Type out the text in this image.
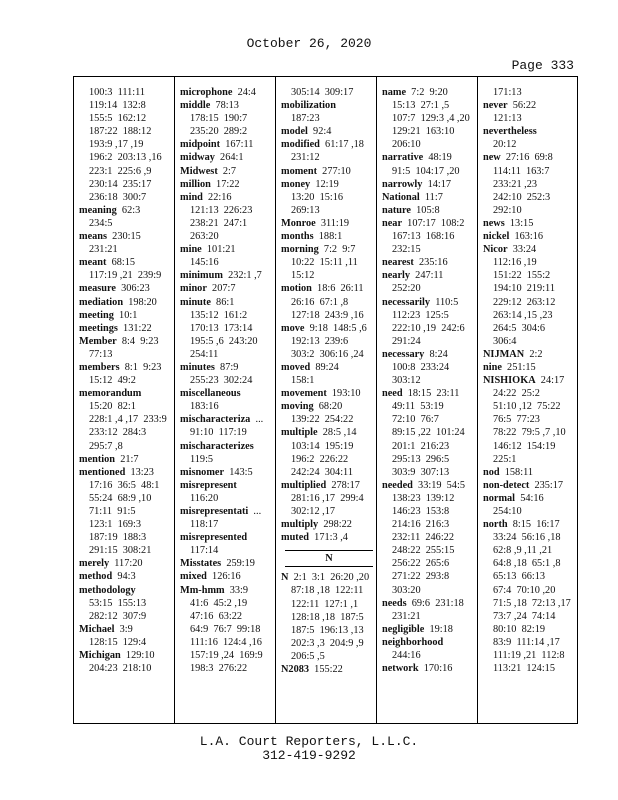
October 26, 2020
Page 333
100:3  111:11
119:14  132:8
155:5  162:12
187:22  188:12
193:9 ,17 ,19
196:2  203:13 ,16
223:1  225:6 ,9
230:14  235:17
236:18  300:7
meaning  62:3
234:5
means  230:15
231:21
meant  68:15
117:19 ,21  239:9
measure  306:23
mediation  198:20
meeting  10:1
meetings  131:22
Member  8:4  9:23
77:13
members  8:1  9:23
15:12  49:2
memorandum
15:20  82:1
228:1 ,4 ,17  233:9
233:12  284:3
295:7 ,8
mention  21:7
mentioned  13:23
17:16  36:5  48:1
55:24  68:9 ,10
71:11  91:5
123:1  169:3
187:19  188:3
291:15  308:21
merely  117:20
method  94:3
methodology
53:15  155:13
282:12  307:9
Michael  3:9
128:15  129:4
Michigan  129:10
204:23  218:10
microphone  24:4
middle  78:13
178:15  190:7
235:20  289:2
midpoint  167:11
midway  264:1
Midwest  2:7
million  17:22
mind  22:16
121:13  226:23
238:21  247:1
263:20
mine  101:21
145:16
minimum  232:1 ,7
minor  207:7
minute  86:1
135:12  161:2
170:13  173:14
195:5 ,6  243:20
254:11
minutes  87:9
255:23  302:24
miscellaneous
183:16
mischaracteriza  ...
91:10  117:19
mischaracterizes
119:5
misnomer  143:5
misrepresent
116:20
misrepresentati  ...
118:17
misrepresented
117:14
Misstates  259:19
mixed  126:16
Mm-hmm  33:9
41:6  45:2 ,19
47:16  63:22
64:9  76:7  99:18
111:16  124:4 ,16
157:19 ,24  169:9
198:3  276:22
305:14  309:17
mobilization
187:23
model  92:4
modified  61:17 ,18
231:12
moment  277:10
money  12:19
13:20  15:16
269:13
Monroe  311:19
months  188:1
morning  7:2  9:7
10:22  15:11 ,11
15:12
motion  18:6  26:11
26:16  67:1 ,8
127:18  243:9 ,16
move  9:18  148:5 ,6
192:13  239:6
303:2  306:16 ,24
moved  89:24
158:1
movement  193:10
moving  68:20
139:22  254:22
multiple  28:5 ,14
103:14  195:19
196:2  226:22
242:24  304:11
multiplied  278:17
281:16 ,17  299:4
302:12 ,17
multiply  298:22
muted  171:3 ,4
N
N  2:1  3:1  26:20 ,20
87:18 ,18  122:11
122:11  127:1 ,1
128:18 ,18  187:5
187:5  196:13 ,13
202:3 ,3  204:9 ,9
206:5 ,5
N2083  155:22
name  7:2  9:20
15:13  27:1 ,5
107:7  129:3 ,4 ,20
129:21  163:10
206:10
narrative  48:19
91:5  104:17 ,20
narrowly  14:17
National  11:7
nature  105:8
near  107:17  108:2
167:13  168:16
232:15
nearest  235:16
nearly  247:11
252:20
necessarily  110:5
112:23  125:5
222:10 ,19  242:6
291:24
necessary  8:24
100:8  233:24
303:12
need  18:15  23:11
49:11  53:19
72:10  76:7
89:15 ,22  101:24
201:1  216:23
295:13  296:5
303:9  307:13
needed  33:19  54:5
138:23  139:12
146:23  153:8
214:16  216:3
232:11  246:22
248:22  255:15
256:22  265:6
271:22  293:8
303:20
needs  69:6  231:18
231:21
negligible  19:18
neighborhood
244:16
network  170:16
171:13
never  56:22
121:13
nevertheless
20:12
new  27:16  69:8
114:11  163:7
233:21 ,23
242:10  252:3
292:10
news  13:15
nickel  163:16
Nicor  33:24
112:16 ,19
151:22  155:2
194:10  219:11
229:12  263:12
263:14 ,15 ,23
264:5  304:6
306:4
NIJMAN  2:2
nine  251:15
NISHIOKA  24:17
24:22  25:2
51:10 ,12  75:22
76:5  77:23
78:22  79:5 ,7 ,10
146:12  154:19
225:1
nod  158:11
non-detect  235:17
normal  54:16
254:10
north  8:15  16:17
33:24  56:16 ,18
62:8 ,9 ,11 ,21
64:8 ,18  65:1 ,8
65:13  66:13
67:4  70:10 ,20
71:5 ,18  72:13 ,17
73:7 ,24  74:14
80:10  82:19
83:9  111:14 ,17
111:19 ,21  112:8
113:21  124:15
L.A. Court Reporters, L.L.C.
312-419-9292
